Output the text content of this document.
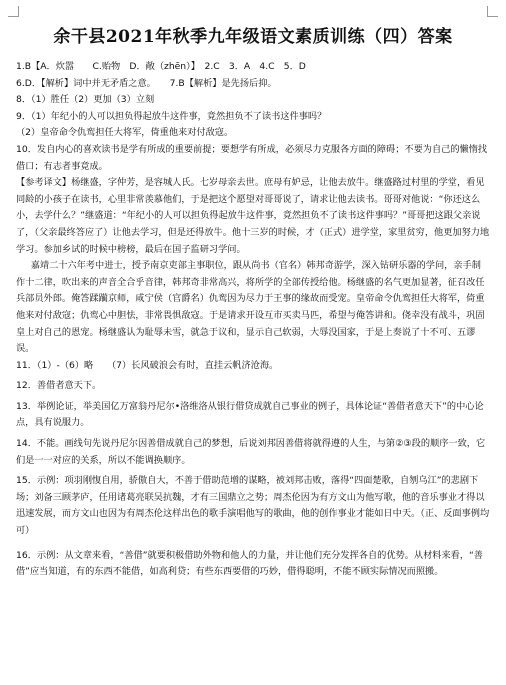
余干县2021年秋季九年级语文素质训练（四）答案

1.B【A．炊嚣　　C.贻物　D．敞（zhēn）】　2.C　3．A　4.C　5．D

6.D．【解析】词中并无矛盾之意。　　7.B【解析】是先扬后抑。

8．（1）胜任（2）更加（3）立刻

9．（1）年纪小的人可以担负得起放牛这件事，竟然担负不了读书这件事吗？

（2）皇帝命令仇鸾担任大将军，倚重他来对付敌寇。

10．发自内心的喜欢读书是学有所成的重要前提；要想学有所成，必须尽力克服各方面的障碍；不要为自己的懒惰找借口；有志者事竟成。

【参考译文】杨继盛，字仲芳，是容城人氏。七岁母亲去世。庶母有妒忌，让他去放牛。继盛路过村里的学堂，看见同龄的小孩子在读书，心里非常羡慕他们，于是把这个愿望对哥哥说了，请求让他去读书。哥哥对他说：“你还这么小，去学什么？”继盛道：“年纪小的人可以担负得起放牛这件事，竟然担负不了读书这件事吗？”哥哥把这跟父亲说了，（父亲最终答应了）让他去学习，但是还得放牛。他十三岁的时候，才（正式）进学堂，家里贫穷，他更加努力地学习。参加乡试的时候中榜榜，最后在国子监研习学问。

嘉靖二十六年考中进士，授予南京吏部主事职位，跟从尚书（官名）韩邦奇游学，深入钻研乐器的学问，亲手制作十二律，吹出来的声音全合乎音律，韩邦奇非常高兴，将所学的全部传授给他。杨继盛的名气更加显著，征召改任兵部员外郎。俺答蹂躏京师，咸宁侯（官爵名）仇鸾因为尽力于王事的缘故而受宠。皇帝命令仇鸾担任大将军，倚重他来对付敌寇；仇鸾心中胆怯，非常畏惧敌寇。于是请求开设互市买卖马匹，希望与俺答讲和。侥幸没有战斗，巩固皇上对自己的恩宠。杨继盛认为耻辱未雪，就急于议和，显示自己软弱，大辱没国家，于是上奏说了十不可、五谬误。

11．（1）-（6）略　　（7）长风破浪会有时，直挂云帆济沧海。

12．善借者意天下。

13．举例论证，举美国亿万富翁丹尼尔•洛维洛从银行借贷成就自己事业的例子，具体论证“善借者意天下”的中心论点，具有说服力。

14．不能。画线句先说丹尼尔因善借成就自己的梦想，后说刘邦因善借将就得遵的人生，与第②③段的顺序一致，它们是一一对应的关系，所以不能调换顺序。

15．示例：项羽刚愎自用，骄傲自大，不善于借助范增的谋略，被刘邦击败，落得“四面楚歌，自刎乌江”的悲剧下场；刘备三顾茅庐，任用诸葛亮联吴抗魏，才有三国鼎立之势；周杰伦因为有方文山为他写歌，他的音乐事业才得以迅速发展，而方文山也因为有周杰伦这样出色的歌手演唱他写的歌曲，他的创作事业才能如日中天。（正、反面事例均可）

16．示例：从文章来看，“善借”就要积极借助外物和他人的力量，并让他们充分发挥各自的优势。从材料来看，“善借”应当知道，有的东西不能借，如高利贷；有些东西要借的巧妙，借得聪明，不能不顾实际情况而照搬。
